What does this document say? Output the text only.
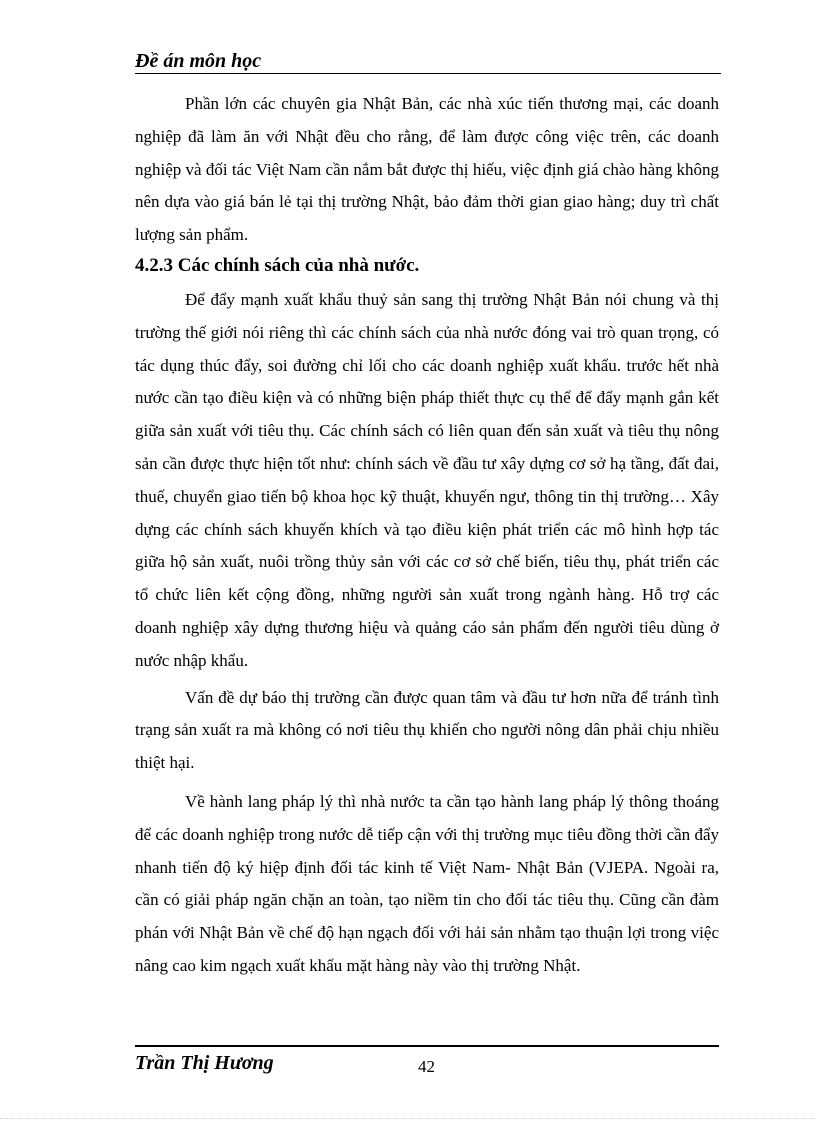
Đề án môn học

Phần lớn các chuyên gia Nhật Bản, các nhà xúc tiến thương mại, các doanh nghiệp đã làm ăn với Nhật đều cho rằng, để làm được công việc trên, các doanh nghiệp và đối tác Việt Nam cần nắm bắt được thị hiếu, việc định giá chào hàng không nên dựa vào giá bán lẻ tại thị trường Nhật, bảo đảm thời gian giao hàng; duy trì chất lượng sản phẩm.

4.2.3 Các chính sách của nhà nước.

Để đẩy mạnh xuất khẩu thuỷ sản sang thị trường Nhật Bản nói chung và thị trường thế giới nói riêng thì các chính sách của nhà nước đóng vai trò quan trọng, có tác dụng thúc đẩy, soi đường chỉ lối cho các doanh nghiệp xuất khẩu. trước hết nhà nước cần tạo điều kiện và có những biện pháp thiết thực cụ thể để đẩy mạnh gắn kết giữa sản xuất với tiêu thụ. Các chính sách có liên quan đến sản xuất và tiêu thụ nông sản cần được thực hiện tốt như: chính sách về đầu tư xây dựng cơ sở hạ tầng, đất đai, thuế, chuyển giao tiến bộ khoa học kỹ thuật, khuyến ngư, thông tin thị trường… Xây dựng các chính sách khuyến khích và tạo điều kiện phát triển các mô hình hợp tác giữa hộ sản xuất, nuôi trồng thủy sản với các cơ sở chế biến, tiêu thụ, phát triển các tổ chức liên kết cộng đồng, những người sản xuất trong ngành hàng. Hỗ trợ các doanh nghiệp xây dựng thương hiệu và quảng cáo sản phẩm đến người tiêu dùng ở nước nhập khẩu.

Vấn đề dự báo thị trường cần được quan tâm và đầu tư hơn nữa để tránh tình trạng sản xuất ra mà không có nơi tiêu thụ khiến cho người nông dân phải chịu nhiều thiệt hại.

Về hành lang pháp lý thì nhà nước ta cần tạo hành lang pháp lý thông thoáng để các doanh nghiệp trong nước dễ tiếp cận với thị trường mục tiêu đồng thời cần đẩy nhanh tiến độ ký hiệp định đối tác kinh tế Việt Nam- Nhật Bản (VJEPA. Ngoài ra, cần có giải pháp ngăn chặn an toàn, tạo niềm tin cho đối tác tiêu thụ. Cũng cần đàm phán với Nhật Bản về chế độ hạn ngạch đối với hải sản nhằm tạo thuận lợi trong việc nâng cao kim ngạch xuất khẩu mặt hàng này vào thị trường Nhật.

Trần Thị Hương	42
